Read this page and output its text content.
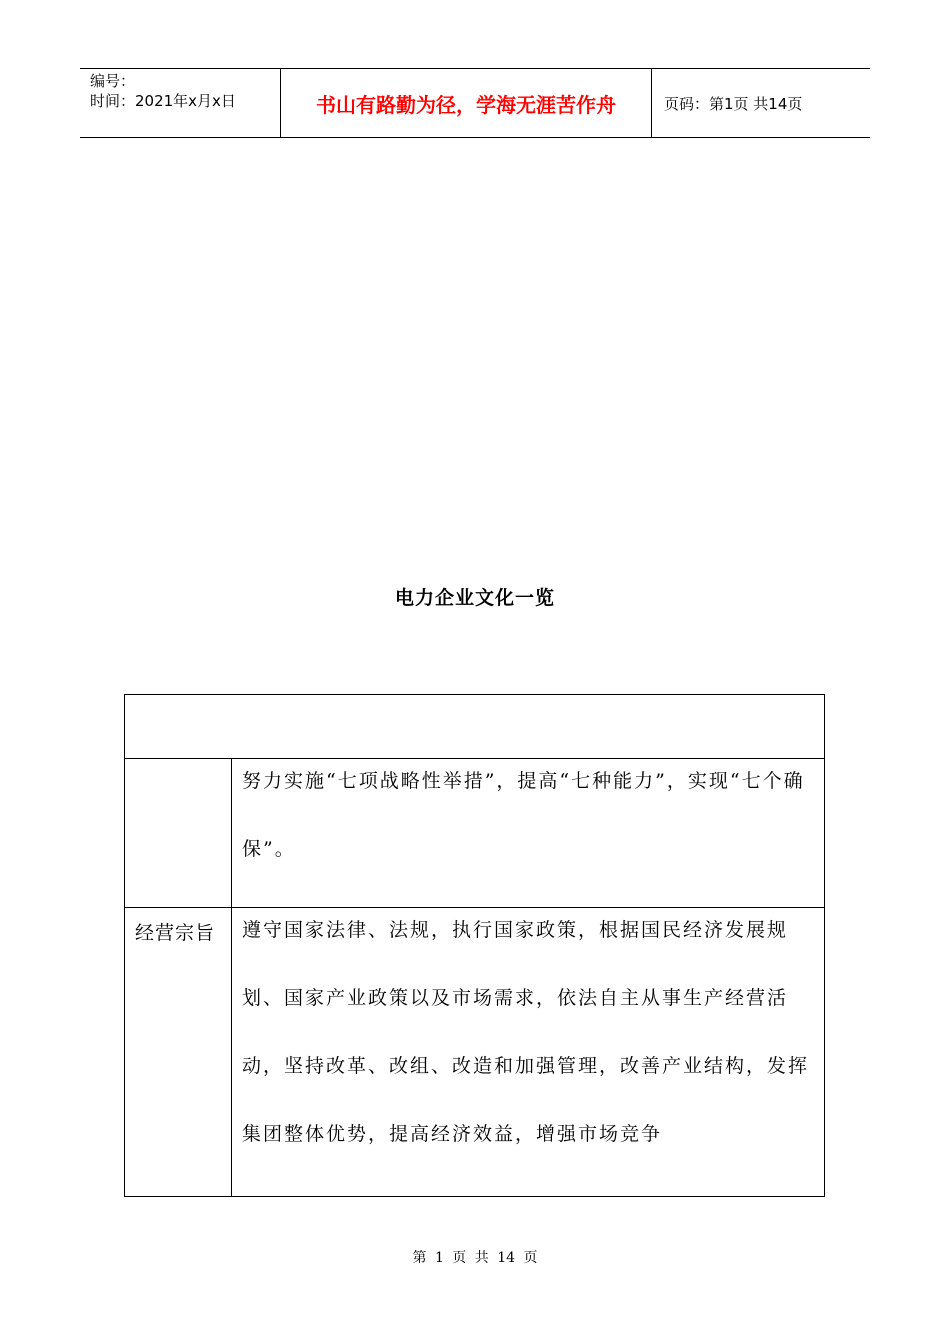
编号：
时间：2021年x月x日	书山有路勤为径，学海无涯苦作舟	页码：第1页 共14页
电力企业文化一览

	努力实施“七项战略性举措”，提高“七种能力”，实现“七个确保”。

经营宗旨	遵守国家法律、法规，执行国家政策，根据国民经济发展规划、国家产业政策以及市场需求，依法自主从事生产经营活动，坚持改革、改组、改造和加强管理，改善产业结构，发挥集团整体优势，提高经济效益，增强市场竞争
第 1 页 共 14 页
